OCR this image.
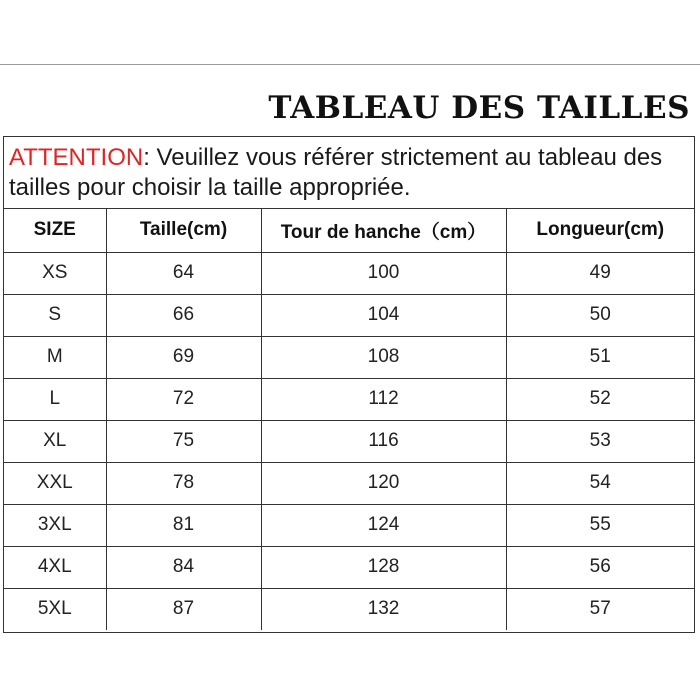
TABLEAU DES TAILLES
ATTENTION: Veuillez vous référer strictement au tableau des tailles pour choisir la taille appropriée.
SIZE	Taille(cm)	Tour de hanche（cm）	Longueur(cm)
XS	64	100	49
S	66	104	50
M	69	108	51
L	72	112	52
XL	75	116	53
XXL	78	120	54
3XL	81	124	55
4XL	84	128	56
5XL	87	132	57
